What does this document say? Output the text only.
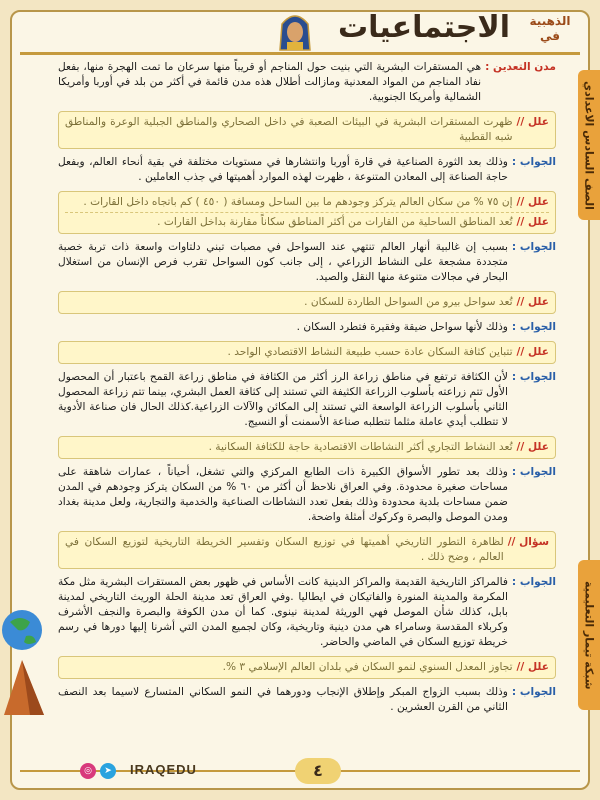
الذهبية
في
الاجتماعيات
الصف السادس الاعدادي
شبكة تيمار التعليمية
مدن التعدين :
هي المستقرات البشرية التي بنيت حول المناجم أو قريباً منها سرعان ما تمت الهجرة منها، بفعل نفاد المناجم من المواد المعدنية ومازالت أطلال هذه مدن قائمة في أكثر من بلد في أوربا وأمريكا الشمالية وأمريكا الجنوبية.
علل //
ظهرت المستقرات البشرية في البيئات الصعبة في داخل الصحاري والمناطق الجبلية الوعرة والمناطق شبه القطبية
الجواب :
وذلك بعد الثورة الصناعية في قارة أوربا وانتشارها في مستويات مختلفة في بقية أنحاء العالم، وبفعل حاجة الصناعة إلى المعادن المتنوعة ، ظهرت لهذه الموارد أهميتها في جذب العاملين .
علل //
إن ٧٥ % من سكان العالم يتركز وجودهم ما بين الساحل ومسافة ( ٤٥٠ ) كم باتجاه داخل القارات .
علل //
تُعد المناطق الساحلية من القارات من أكثر المناطق سكاناً مقارنة بداخل القارات .
الجواب :
بسبب إن غالبية أنهار العالم تنتهي عند السواحل في مصبات تبني دلتاوات واسعة ذات تربة خصبة متجددة مشجعة على النشاط الزراعي ، إلى جانب كون السواحل تقرب فرص الإنسان من استغلال البحار في مجالات متنوعة منها النقل والصيد.
علل //
تُعد سواحل بيرو من السواحل الطاردة للسكان .
الجواب :
وذلك لأنها سواحل ضيقة وفقيرة فتطرد السكان .
علل //
تتباين كثافة السكان عادة حسب طبيعة النشاط الاقتصادي الواحد .
الجواب :
لأن الكثافة ترتفع في مناطق زراعة الرز أكثر من الكثافة في مناطق زراعة القمح باعتبار أن المحصول الأول تتم زراعته بأسلوب الزراعة الكثيفة التي تستند إلى كثافة العمل البشري، بينما تتم زراعة المحصول الثاني بأسلوب الزراعة الواسعة التي تستند إلى المكائن والآلات الزراعية.كذلك الحال فان صناعة الأدوية لا تتطلب أيدي عاملة مثلما تتطلبه صناعة الأسمنت أو النسيج.
علل //
تُعد النشاط التجاري أكثر النشاطات الاقتصادية حاجة للكثافة السكانية .
الجواب :
وذلك بعد تطور الأسواق الكبيرة ذات الطابع المركزي والتي تشغل، أحياناً ، عمارات شاهقة على مساحات صغيرة محدودة. وفي العراق نلاحظ أن أكثر من ٦٠ % من السكان يتركز وجودهم في المدن ضمن مساحات بلدية محدودة وذلك بفعل تعدد النشاطات الصناعية والخدمية والتجارية، ولعل مدينة بغداد ومدن الموصل والبصرة وكركوك أمثلة واضحة.
سؤال //
لظاهرة التطور التاريخي أهميتها في توزيع السكان وتفسير الخريطة التاريخية لتوزيع السكان في العالم ، وضح ذلك .
الجواب :
فالمراكز التاريخية القديمة والمراكز الدينية كانت الأساس في ظهور بعض المستقرات البشرية مثل مكة المكرمة والمدينة المنورة والفاتيكان في ايطاليا .وفي العراق تعد مدينة الحلة الوريث التاريخي لمدينة بابل، كذلك شأن الموصل فهي الوريثة لمدينة نينوى. كما أن مدن الكوفة والبصرة والنجف الأشرف وكربلاء المقدسة وسامراء هي مدن دينية وتاريخية، وكان لجميع المدن التي أشرنا إليها دورها في رسم خريطة توزيع السكان في الماضي والحاضر.
علل //
تجاوز المعدل السنوي لنمو السكان في بلدان العالم الإسلامي ٣ %.
الجواب :
وذلك بسبب الزواج المبكر وإطلاق الإنجاب ودورهما في النمو السكاني المتسارع لاسيما بعد النصف الثاني من القرن العشرين .
◎	➤	IRAQEDU	٤
